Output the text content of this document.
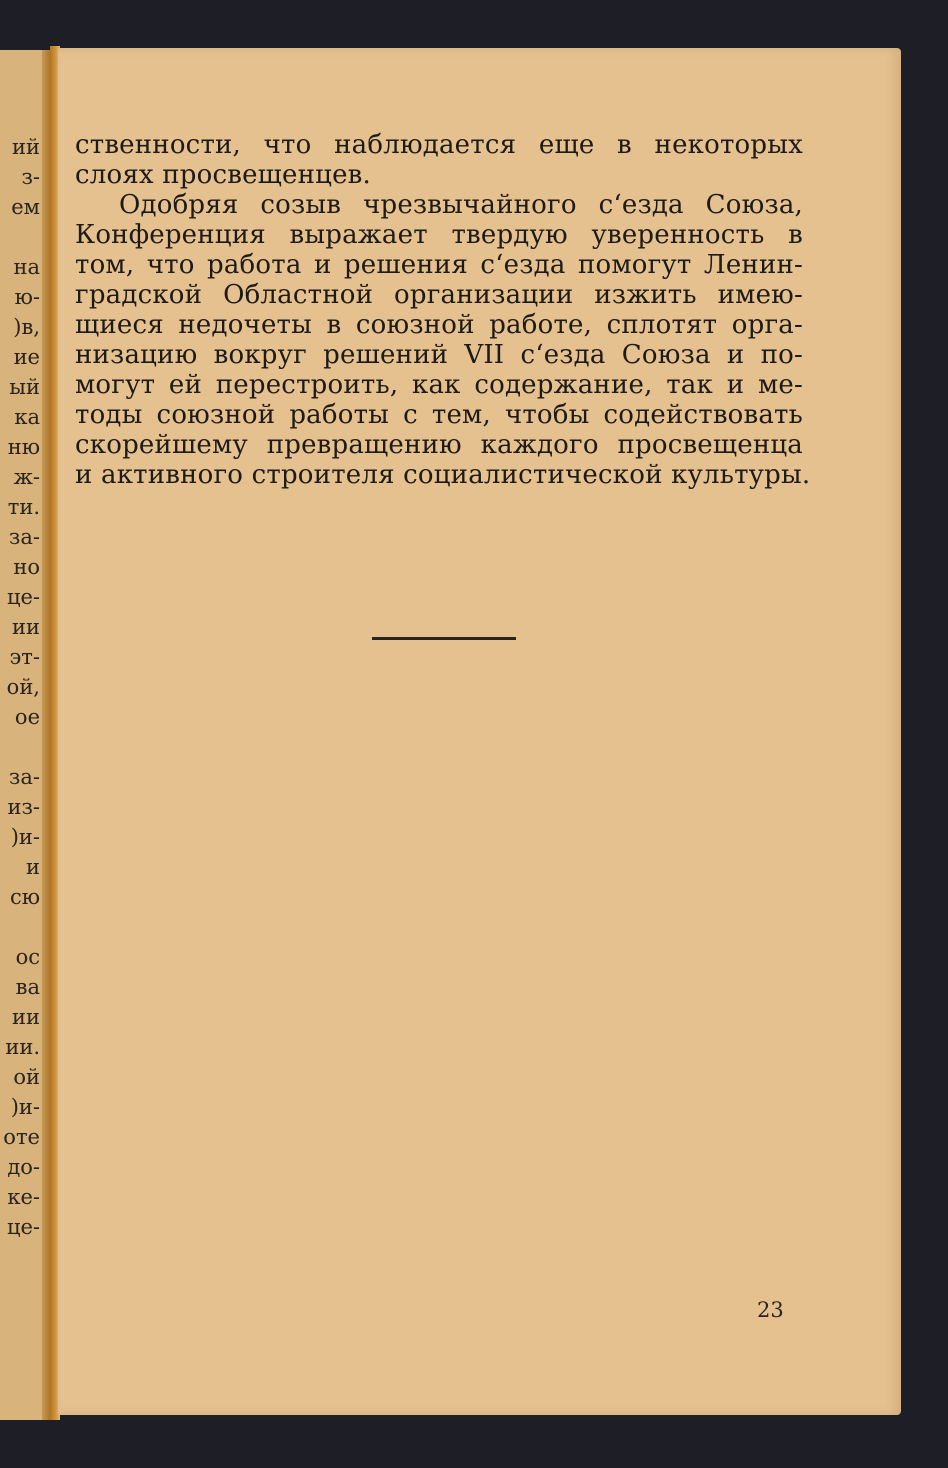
ий
з-
ем
на
ю-
)в,
ие
ый
ка
ню
ж-
ти.
за-
но
це-
ии
эт-
ой,
ое
за-
из-
)и-
и
сю
ос
ва
ии
ии.
ой
)и-
оте
до-
ке-
це-
ственности, что наблюдается еще в некоторых
слоях просвещенцев.
Одобряя созыв чрезвычайного с‘езда Союза,
Конференция выражает твердую уверенность в
том, что работа и решения с‘езда помогут Ленин-
градской Областной организации изжить имею-
щиеся недочеты в союзной работе, сплотят орга-
низацию вокруг решений VII с‘езда Союза и по-
могут ей перестроить, как содержание, так и ме-
тоды союзной работы с тем, чтобы содействовать
скорейшему превращению каждого просвещенца
и активного строителя социалистической культуры.
23
